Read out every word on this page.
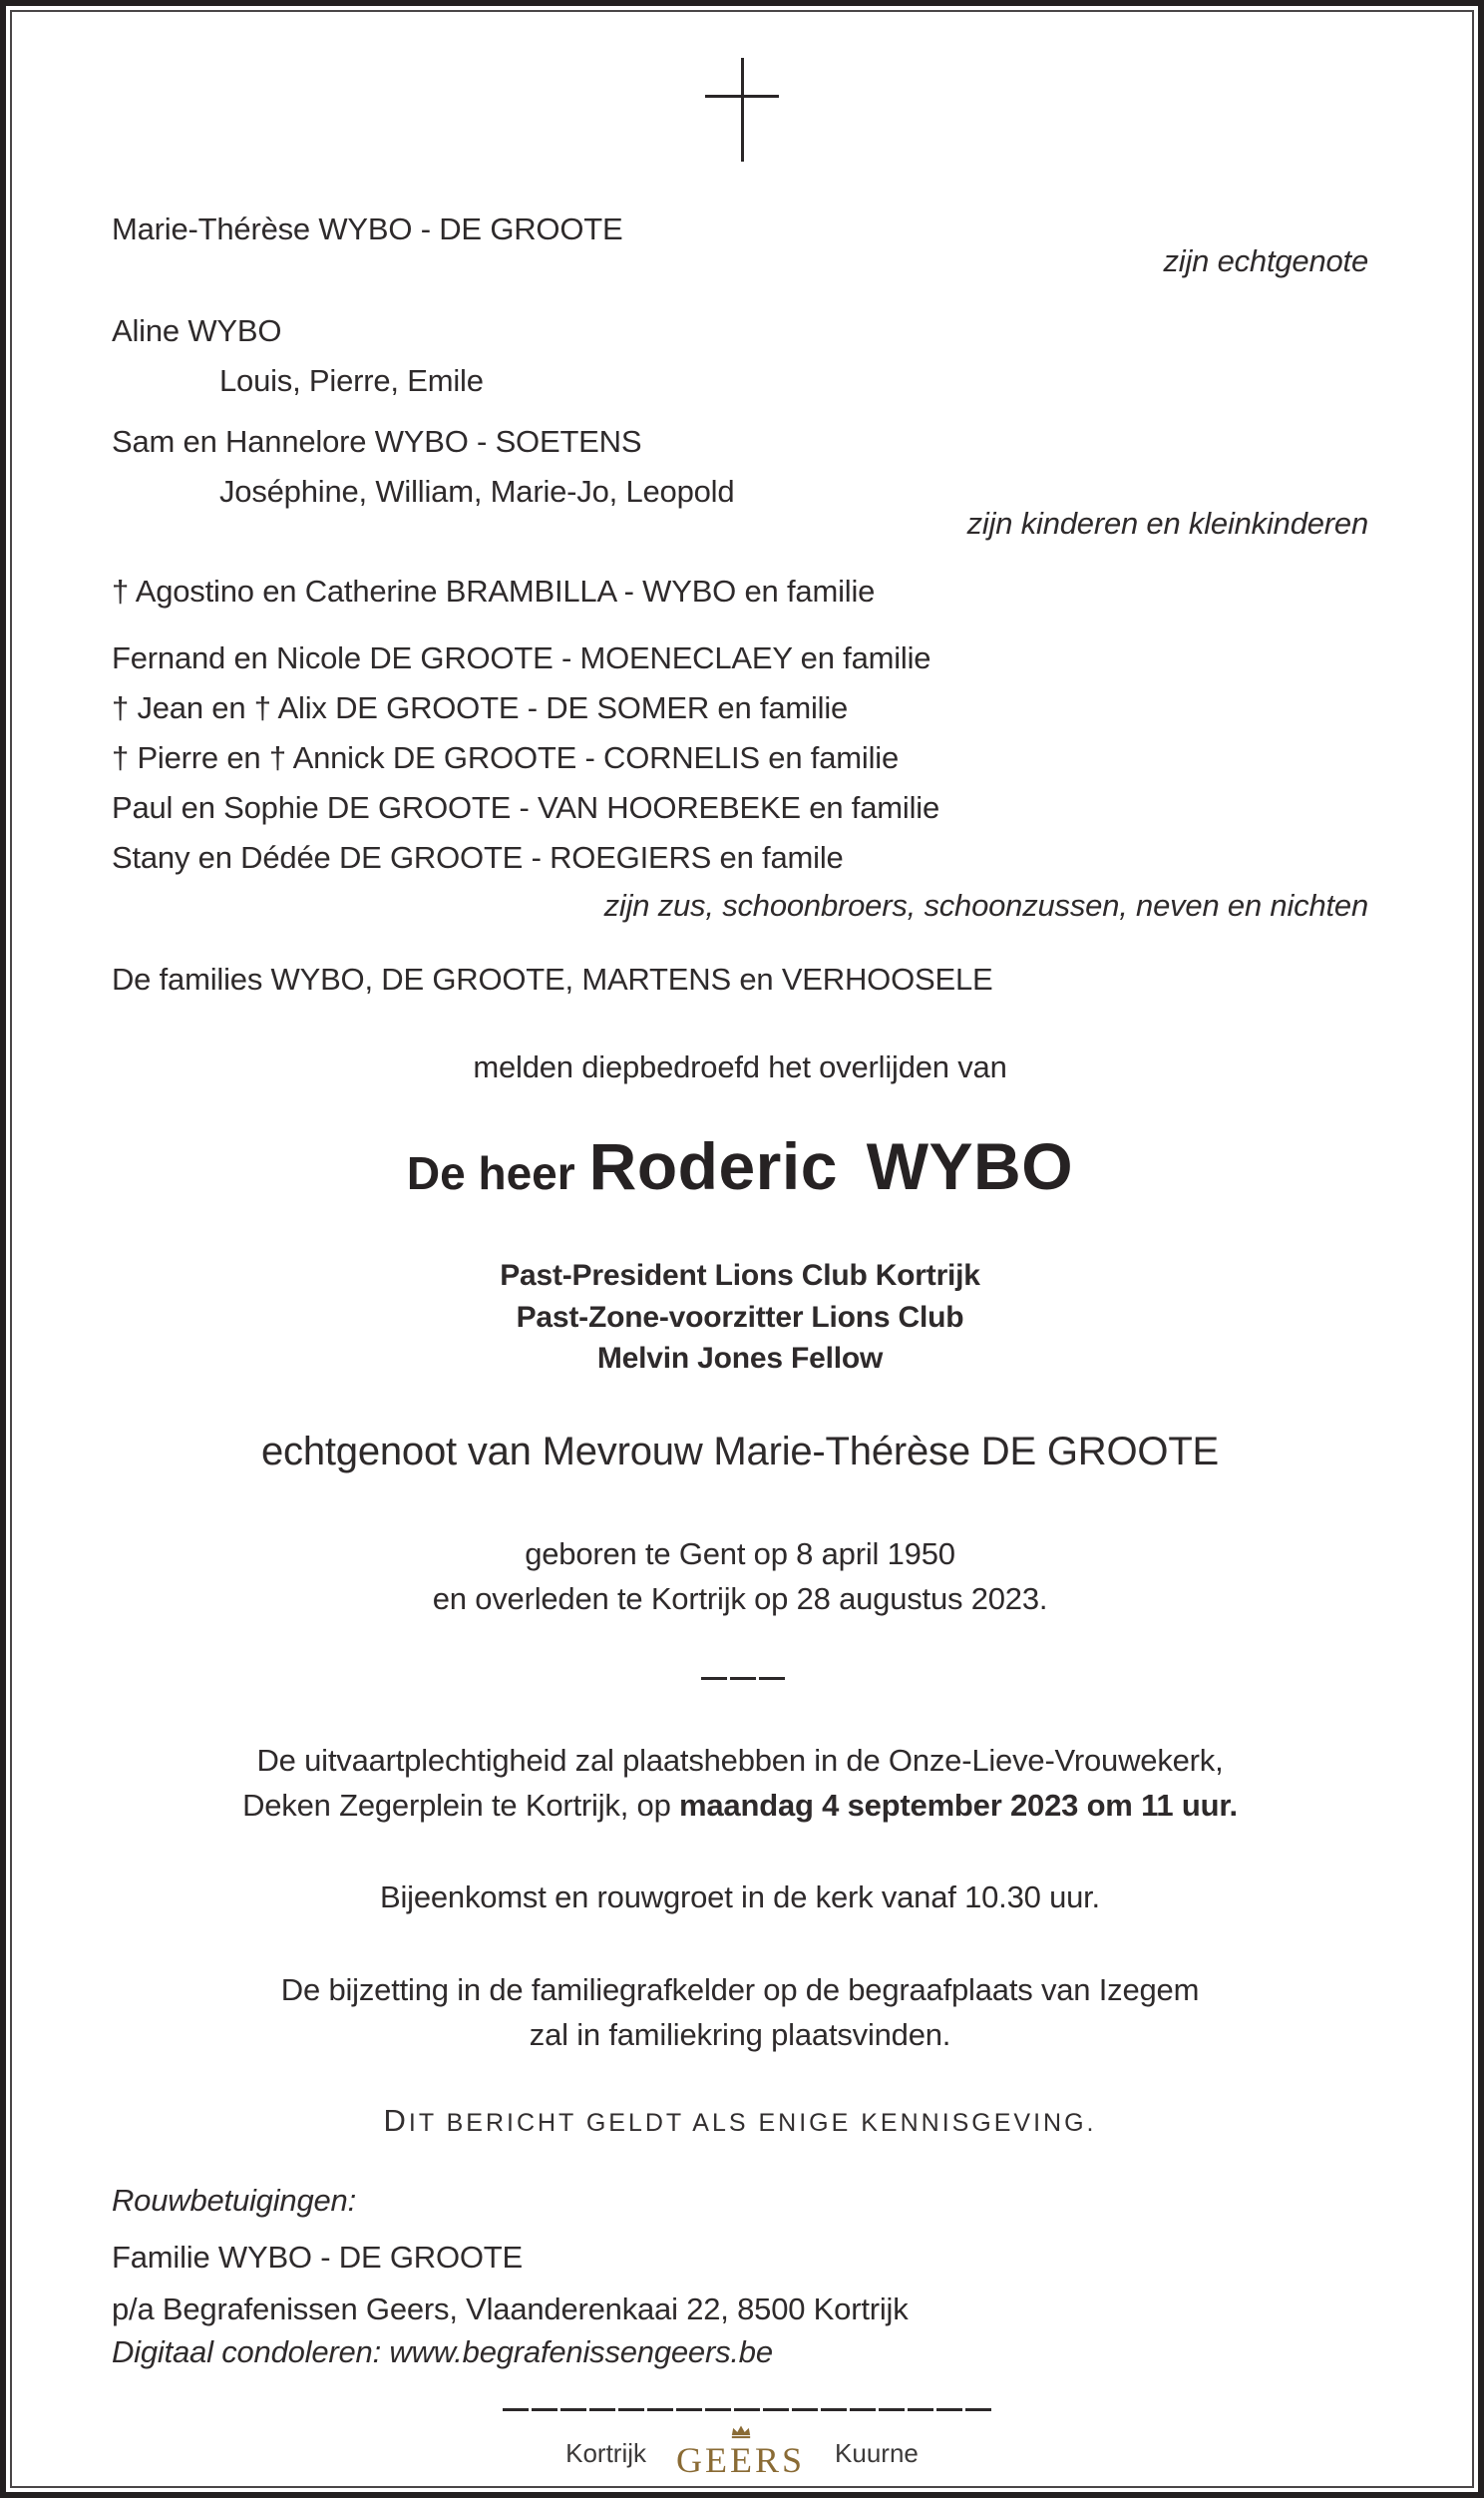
Marie-Thérèse WYBO - DE GROOTE
zijn echtgenote
Aline WYBO
Louis, Pierre, Emile
Sam en Hannelore WYBO - SOETENS
Joséphine, William, Marie-Jo, Leopold
zijn kinderen en kleinkinderen
† Agostino en Catherine BRAMBILLA - WYBO en familie
Fernand en Nicole DE GROOTE - MOENECLAEY en familie
† Jean en † Alix DE GROOTE - DE SOMER en familie
† Pierre en † Annick DE GROOTE - CORNELIS en familie
Paul en Sophie DE GROOTE - VAN HOOREBEKE en familie
Stany en Dédée DE GROOTE - ROEGIERS en famile
zijn zus, schoonbroers, schoonzussen, neven en nichten
De families WYBO, DE GROOTE, MARTENS en VERHOOSELE
melden diepbedroefd het overlijden van
De heer Roderic WYBO
Past-President Lions Club Kortrijk
Past-Zone-voorzitter Lions Club
Melvin Jones Fellow
echtgenoot van Mevrouw Marie-Thérèse DE GROOTE
geboren te Gent op 8 april 1950
en overleden te Kortrijk op 28 augustus 2023.
De uitvaartplechtigheid zal plaatshebben in de Onze-Lieve-Vrouwekerk,
Deken Zegerplein te Kortrijk, op maandag 4 september 2023 om 11 uur.
Bijeenkomst en rouwgroet in de kerk vanaf 10.30 uur.
De bijzetting in de familiegrafkelder op de begraafplaats van Izegem
zal in familiekring plaatsvinden.
DIT BERICHT GELDT ALS ENIGE KENNISGEVING.
Rouwbetuigingen:
Familie WYBO - DE GROOTE
p/a Begrafenissen Geers, Vlaanderenkaai 22, 8500 Kortrijk
Digitaal condoleren: www.begrafenissengeers.be
Kortrijk GEERS Kuurne
